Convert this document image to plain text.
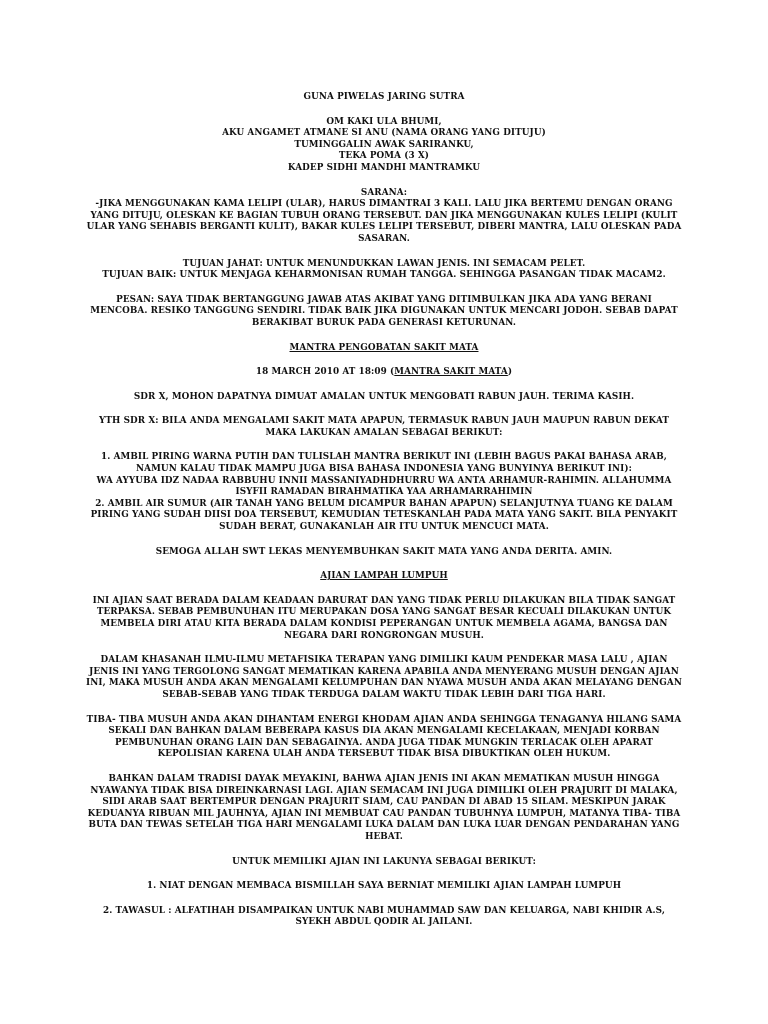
GUNA PIWELAS JARING SUTRA

OM KAKI ULA BHUMI,

AKU ANGAMET ATMANE SI ANU (NAMA ORANG YANG DITUJU)

TUMINGGALIN AWAK SARIRANKU,

TEKA POMA (3 X)

KADEP SIDHI MANDHI MANTRAMKU

SARANA:

-JIKA MENGGUNAKAN KAMA LELIPI (ULAR), HARUS DIMANTRAI 3 KALI. LALU JIKA BERTEMU DENGAN ORANG YANG DITUJU, OLESKAN KE BAGIAN TUBUH ORANG TERSEBUT. DAN JIKA MENGGUNAKAN KULES LELIPI (KULIT ULAR YANG SEHABIS BERGANTI KULIT), BAKAR KULES LELIPI TERSEBUT, DIBERI MANTRA, LALU OLESKAN PADA SASARAN.

TUJUAN JAHAT: UNTUK MENUNDUKKAN LAWAN JENIS. INI SEMACAM PELET.

TUJUAN BAIK: UNTUK MENJAGA KEHARMONISAN RUMAH TANGGA. SEHINGGA PASANGAN TIDAK MACAM2.

PESAN: SAYA TIDAK BERTANGGUNG JAWAB ATAS AKIBAT YANG DITIMBULKAN JIKA ADA YANG BERANI MENCOBA. RESIKO TANGGUNG SENDIRI. TIDAK BAIK JIKA DIGUNAKAN UNTUK MENCARI JODOH. SEBAB DAPAT BERAKIBAT BURUK PADA GENERASI KETURUNAN.

MANTRA PENGOBATAN SAKIT MATA

18 MARCH 2010 AT 18:09 (MANTRA SAKIT MATA)

SDR X, MOHON DAPATNYA DIMUAT AMALAN UNTUK MENGOBATI RABUN JAUH. TERIMA KASIH.

YTH SDR X: BILA ANDA MENGALAMI SAKIT MATA APAPUN, TERMASUK RABUN JAUH MAUPUN RABUN DEKAT MAKA LAKUKAN AMALAN SEBAGAI BERIKUT:

1. AMBIL PIRING WARNA PUTIH DAN TULISLAH MANTRA BERIKUT INI (LEBIH BAGUS PAKAI BAHASA ARAB, NAMUN KALAU TIDAK MAMPU JUGA BISA BAHASA INDONESIA YANG BUNYINYA BERIKUT INI):

WA AYYUBA IDZ NADAA RABBUHU INNII MASSANIYADHDHURRU WA ANTA ARHAMUR-RAHIMIN. ALLAHUMMA ISYFII RAMADAN BIRAHMATIKA YAA ARHAMARRAHIMIN

2. AMBIL AIR SUMUR (AIR TANAH YANG BELUM DICAMPUR BAHAN APAPUN) SELANJUTNYA TUANG KE DALAM PIRING YANG SUDAH DIISI DOA TERSEBUT, KEMUDIAN TETESKANLAH PADA MATA YANG SAKIT. BILA PENYAKIT SUDAH BERAT, GUNAKANLAH AIR ITU UNTUK MENCUCI MATA.

SEMOGA ALLAH SWT LEKAS MENYEMBUHKAN SAKIT MATA YANG ANDA DERITA. AMIN.

AJIAN LAMPAH LUMPUH

INI AJIAN SAAT BERADA DALAM KEADAAN DARURAT DAN YANG TIDAK PERLU DILAKUKAN BILA TIDAK SANGAT TERPAKSA. SEBAB PEMBUNUHAN ITU MERUPAKAN DOSA YANG SANGAT BESAR KECUALI DILAKUKAN UNTUK MEMBELA DIRI ATAU KITA BERADA DALAM KONDISI PEPERANGAN UNTUK MEMBELA AGAMA, BANGSA DAN NEGARA DARI RONGRONGAN MUSUH.

DALAM KHASANAH ILMU-ILMU METAFISIKA TERAPAN YANG DIMILIKI KAUM PENDEKAR MASA LALU , AJIAN JENIS INI YANG TERGOLONG SANGAT MEMATIKAN KARENA APABILA ANDA MENYERANG MUSUH DENGAN AJIAN INI, MAKA MUSUH ANDA AKAN MENGALAMI KELUMPUHAN DAN NYAWA MUSUH ANDA AKAN MELAYANG DENGAN SEBAB-SEBAB YANG TIDAK TERDUGA DALAM WAKTU TIDAK LEBIH DARI TIGA HARI.

TIBA- TIBA MUSUH ANDA AKAN DIHANTAM ENERGI KHODAM AJIAN ANDA SEHINGGA TENAGANYA HILANG SAMA SEKALI DAN BAHKAN DALAM BEBERAPA KASUS DIA AKAN MENGALAMI KECELAKAAN, MENJADI KORBAN PEMBUNUHAN ORANG LAIN DAN SEBAGAINYA. ANDA JUGA TIDAK MUNGKIN TERLACAK OLEH APARAT KEPOLISIAN KARENA ULAH ANDA TERSEBUT TIDAK BISA DIBUKTIKAN OLEH HUKUM.

BAHKAN DALAM TRADISI DAYAK MEYAKINI, BAHWA AJIAN JENIS INI AKAN MEMATIKAN MUSUH HINGGA NYAWANYA TIDAK BISA DIREINKARNASI LAGI. AJIAN SEMACAM INI JUGA DIMILIKI OLEH PRAJURIT DI MALAKA, SIDI ARAB SAAT BERTEMPUR DENGAN PRAJURIT SIAM, CAU PANDAN DI ABAD 15 SILAM. MESKIPUN JARAK KEDUANYA RIBUAN MIL JAUHNYA, AJIAN INI MEMBUAT CAU PANDAN TUBUHNYA LUMPUH, MATANYA TIBA- TIBA BUTA DAN TEWAS SETELAH TIGA HARI MENGALAMI LUKA DALAM DAN LUKA LUAR DENGAN PENDARAHAN YANG HEBAT.

UNTUK MEMILIKI AJIAN INI LAKUNYA SEBAGAI BERIKUT:

1. NIAT DENGAN MEMBACA BISMILLAH SAYA BERNIAT MEMILIKI AJIAN LAMPAH LUMPUH

2. TAWASUL : ALFATIHAH DISAMPAIKAN UNTUK NABI MUHAMMAD SAW DAN KELUARGA, NABI KHIDIR A.S, SYEKH ABDUL QODIR AL JAILANI.
